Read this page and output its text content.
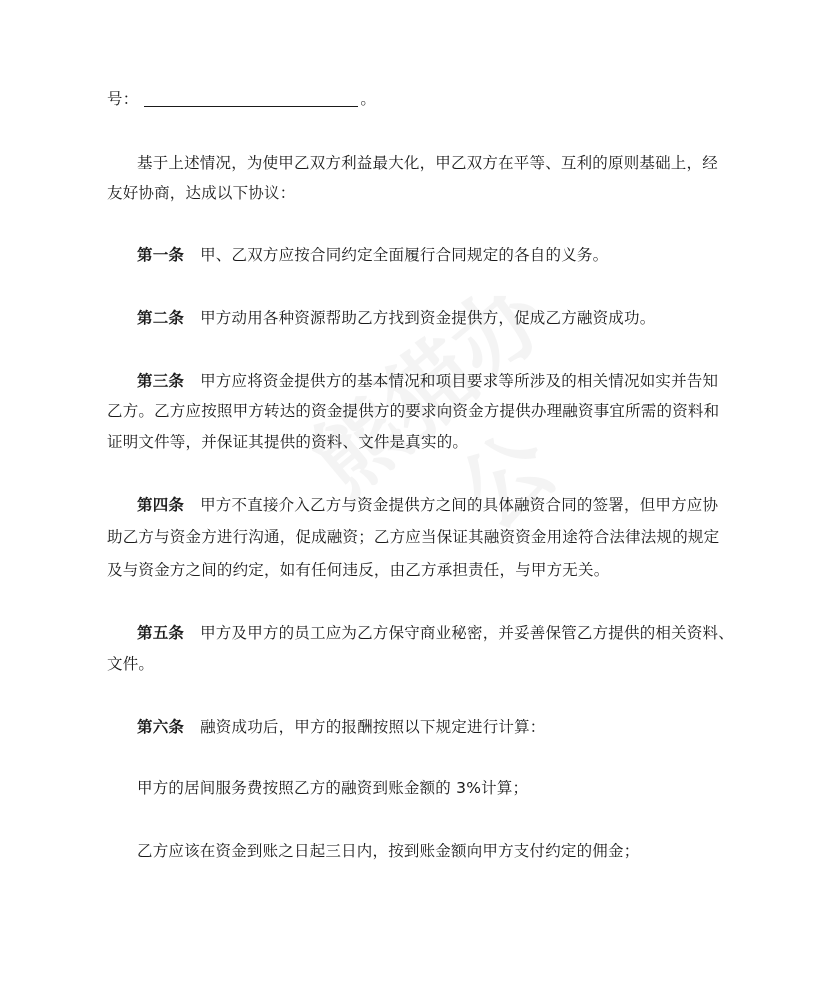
号：	。
基于上述情况，为使甲乙双方利益最大化，甲乙双方在平等、互利的原则基础上，经
友好协商，达成以下协议：
第一条 甲、乙双方应按合同约定全面履行合同规定的各自的义务。
第二条 甲方动用各种资源帮助乙方找到资金提供方，促成乙方融资成功。
第三条 甲方应将资金提供方的基本情况和项目要求等所涉及的相关情况如实并告知
乙方。乙方应按照甲方转达的资金提供方的要求向资金方提供办理融资事宜所需的资料和
证明文件等，并保证其提供的资料、文件是真实的。
第四条 甲方不直接介入乙方与资金提供方之间的具体融资合同的签署，但甲方应协
助乙方与资金方进行沟通，促成融资；乙方应当保证其融资资金用途符合法律法规的规定
及与资金方之间的约定，如有任何违反，由乙方承担责任，与甲方无关。
第五条 甲方及甲方的员工应为乙方保守商业秘密，并妥善保管乙方提供的相关资料、
文件。
第六条 融资成功后，甲方的报酬按照以下规定进行计算：
甲方的居间服务费按照乙方的融资到账金额的 3%计算；
乙方应该在资金到账之日起三日内，按到账金额向甲方支付约定的佣金；
